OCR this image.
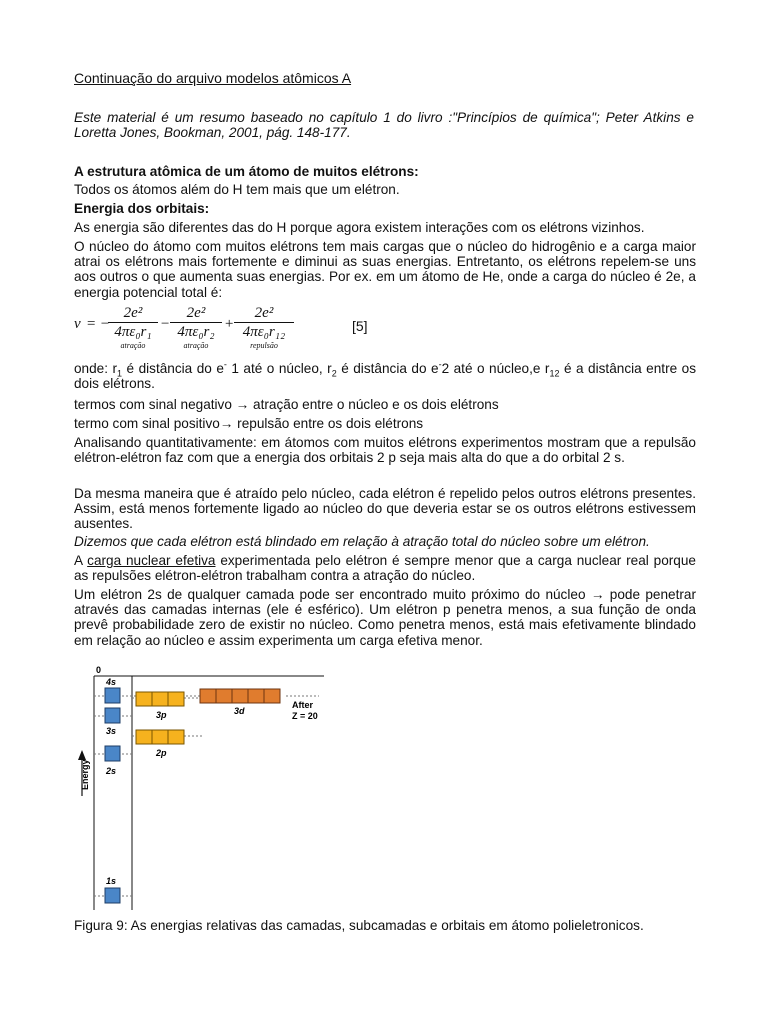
Continuação do arquivo modelos atômicos A

Este material é um resumo baseado no capítulo 1 do livro :"Princípios de química"; Peter Atkins e Loretta Jones, Bookman, 2001, pág. 148-177.

A estrutura atômica de um átomo de muitos elétrons:
Todos os átomos além do H tem mais que um elétron.
Energia dos orbitais:

As energia são diferentes das do H porque agora existem interações com os elétrons vizinhos.

O núcleo do átomo com muitos elétrons tem mais cargas que o núcleo do hidrogênio e a carga maior atrai os elétrons mais fortemente e diminui as suas energias. Entretanto, os elétrons repelem-se uns aos outros o que aumenta suas energias. Por ex. em um átomo de He, onde a carga do núcleo é 2e, a energia potencial total é:

v = −
2e²
4πε₀r₁
atração
−
2e²
4πε₀r₂
atração
+
2e²
4πε₀r₁₂
repulsão
[5]

onde: $r_1$ é distância do e- 1 até o núcleo, $r_2$ é distância do e-2 até o núcleo,e $r_{12}$ é a distância entre os dois elétrons.

termos com sinal negativo → atração entre o núcleo e os dois elétrons
termo com sinal positivo→ repulsão entre os dois elétrons

Analisando quantitativamente: em átomos com muitos elétrons experimentos mostram que a repulsão elétron-elétron faz com que a energia dos orbitais 2 p seja mais alta do que a do orbital 2 s.

Da mesma maneira que é atraído pelo núcleo, cada elétron é repelido pelos outros elétrons presentes. Assim, está menos fortemente ligado ao núcleo do que deveria estar se os outros elétrons estivessem ausentes.

Dizemos que cada elétron está blindado em relação à atração total do núcleo sobre um elétron.

A carga nuclear efetiva experimentada pelo elétron é sempre menor que a carga nuclear real porque as repulsões elétron-elétron trabalham contra a atração do núcleo.

Um elétron 2s de qualquer camada pode ser encontrado muito próximo do núcleo → pode penetrar através das camadas internas (ele é esférico). Um elétron p penetra menos, a sua função de onda prevê probabilidade zero de existir no núcleo. Como penetra menos, está mais efetivamente blindado em relação ao núcleo e assim experimenta um carga efetiva menor.

0
4s
3s
2s
1s
3p
2p
3d
After
Z = 20
Energy
Figura 9: As energias relativas das camadas, subcamadas e orbitais em átomo polieletronicos.
